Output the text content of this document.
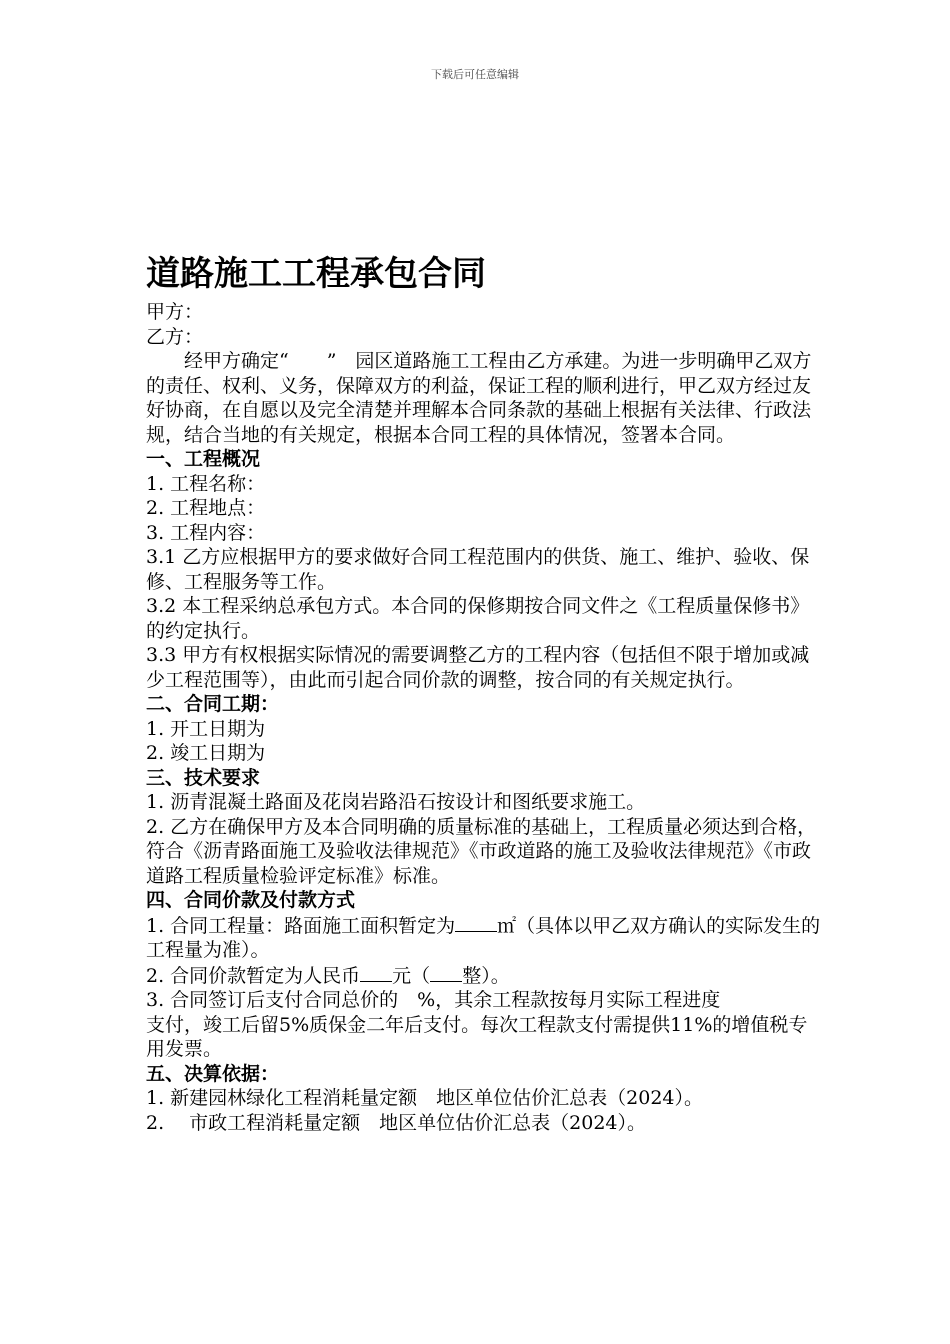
下载后可任意编辑
道路施工工程承包合同
甲方：
乙方：
经甲方确定“　　”　园区道路施工工程由乙方承建。为进一步明确甲乙双方的责任、权利、义务，保障双方的利益，保证工程的顺利进行，甲乙双方经过友好协商，在自愿以及完全清楚并理解本合同条款的基础上根据有关法律、行政法规，结合当地的有关规定，根据本合同工程的具体情况，签署本合同。
一、工程概况
1. 工程名称：
2. 工程地点：
3. 工程内容：
3.1 乙方应根据甲方的要求做好合同工程范围内的供货、施工、维护、验收、保修、工程服务等工作。
3.2 本工程采纳总承包方式。本合同的保修期按合同文件之《工程质量保修书》的约定执行。
3.3 甲方有权根据实际情况的需要调整乙方的工程内容（包括但不限于增加或减少工程范围等），由此而引起合同价款的调整，按合同的有关规定执行。
二、合同工期：
1. 开工日期为
2. 竣工日期为
三、技术要求
1. 沥青混凝土路面及花岗岩路沿石按设计和图纸要求施工。
2. 乙方在确保甲方及本合同明确的质量标准的基础上，工程质量必须达到合格，符合《沥青路面施工及验收法律规范》《市政道路的施工及验收法律规范》《市政道路工程质量检验评定标准》标准。
四、合同价款及付款方式
1. 合同工程量：路面施工面积暂定为 ㎡（具体以甲乙双方确认的实际发生的工程量为准）。
2. 合同价款暂定为人民币 元（ 整）。
3. 合同签订后支付合同总价的　%，其余工程款按每月实际工程进度
支付，竣工后留5%质保金二年后支付。每次工程款支付需提供11%的增值税专用发票。
五、决算依据：
1. 新建园林绿化工程消耗量定额　地区单位估价汇总表（2024）。
2. 　市政工程消耗量定额　地区单位估价汇总表（2024）。
